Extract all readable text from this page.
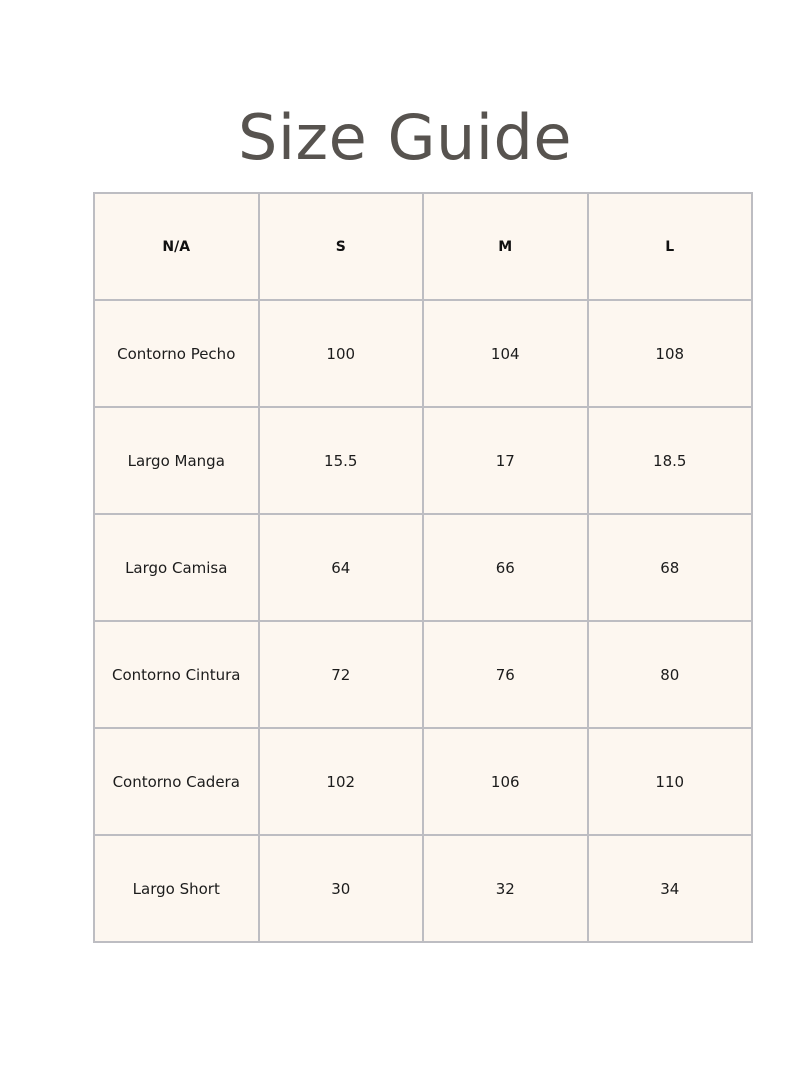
Size Guide
N/A	S	M	L
Contorno Pecho	100	104	108
Largo Manga	15.5	17	18.5
Largo Camisa	64	66	68
Contorno Cintura	72	76	80
Contorno Cadera	102	106	110
Largo Short	30	32	34
